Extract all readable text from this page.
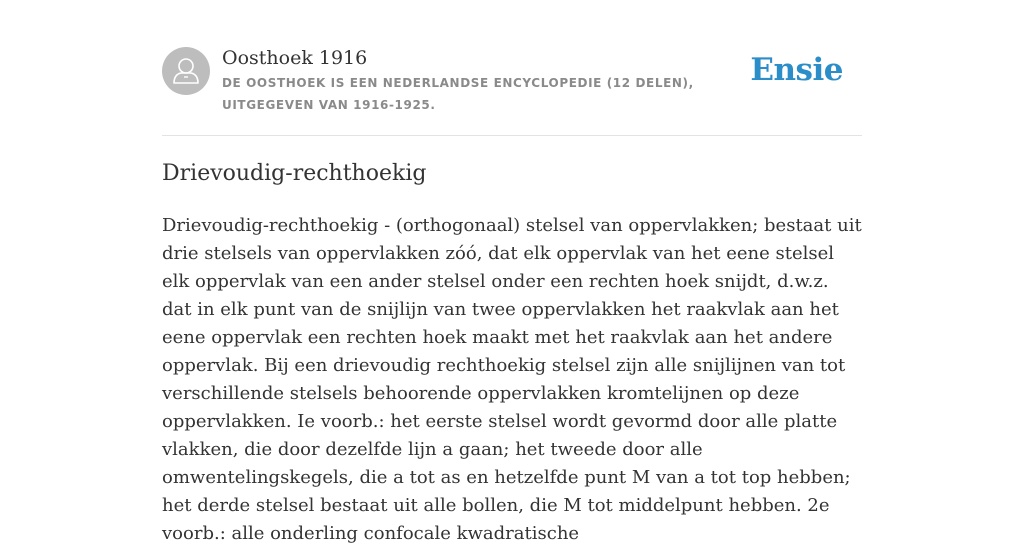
Oosthoek 1916

DE OOSTHOEK IS EEN NEDERLANDSE ENCYCLOPEDIE (12 DELEN), UITGEGEVEN VAN 1916-1925.

Ensie
Drievoudig-rechthoekig

Drievoudig-rechthoekig - (orthogonaal) stelsel van oppervlakken; bestaat uit drie stelsels van oppervlakken zóó, dat elk oppervlak van het eene stelsel elk oppervlak van een ander stelsel onder een rechten hoek snijdt, d.w.z. dat in elk punt van de snijlijn van twee oppervlakken het raakvlak aan het eene oppervlak een rechten hoek maakt met het raakvlak aan het andere oppervlak. Bij een drievoudig rechthoekig stelsel zijn alle snijlijnen van tot verschillende stelsels behoorende oppervlakken kromtelijnen op deze oppervlakken. Ie voorb.: het eerste stelsel wordt gevormd door alle platte vlakken, die door dezelfde lijn a gaan; het tweede door alle omwentelingskegels, die a tot as en hetzelfde punt M van a tot top hebben; het derde stelsel bestaat uit alle bollen, die M tot middelpunt hebben. 2e voorb.: alle onderling confocale kwadratische
